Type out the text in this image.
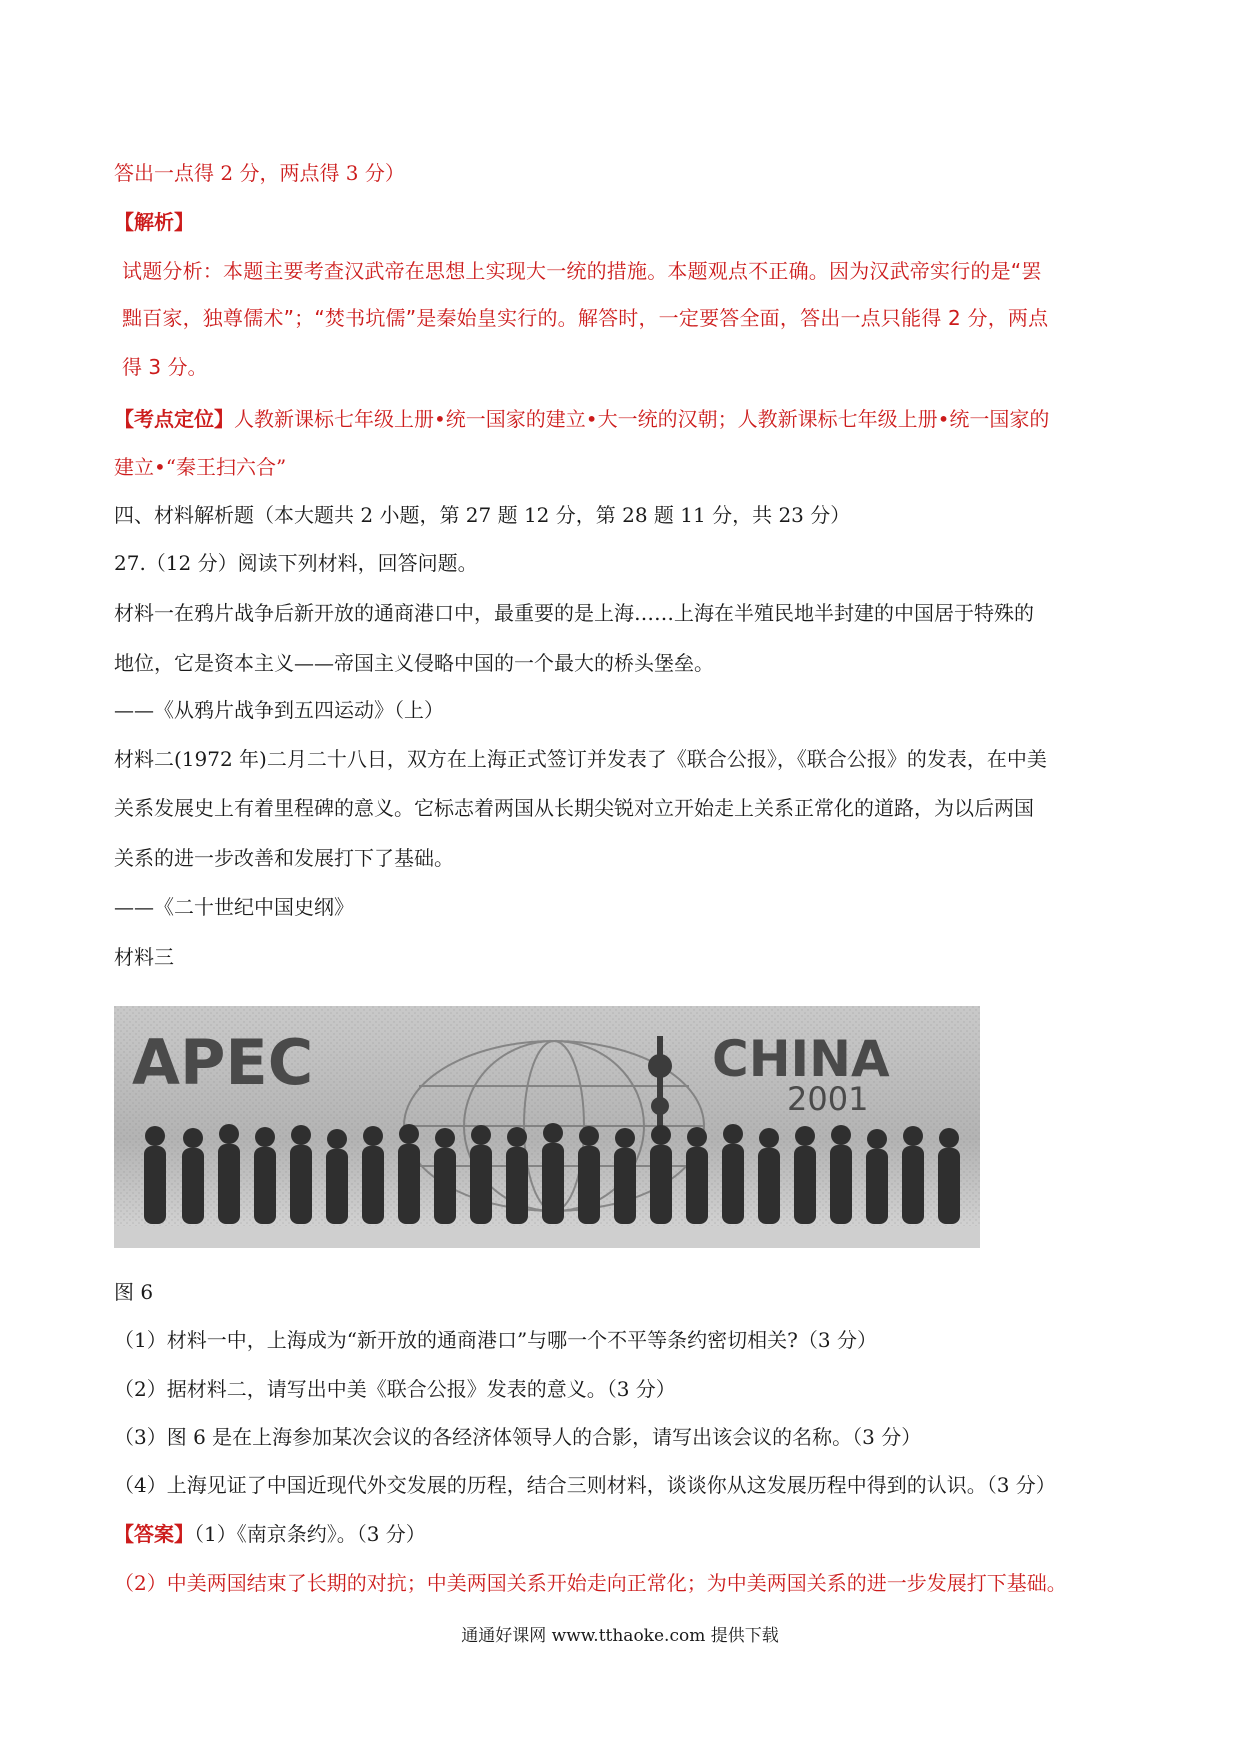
答出一点得 2 分，两点得 3 分）
【解析】
试题分析：本题主要考查汉武帝在思想上实现大一统的措施。本题观点不正确。因为汉武帝实行的是“罢
黜百家，独尊儒术”；“焚书坑儒”是秦始皇实行的。解答时，一定要答全面，答出一点只能得 2 分，两点
得 3 分。
【考点定位】人教新课标七年级上册•统一国家的建立•大一统的汉朝；人教新课标七年级上册•统一国家的
建立•“秦王扫六合”
四、材料解析题（本大题共 2 小题，第 27 题 12 分，第 28 题 11 分，共 23 分）
27.（12 分）阅读下列材料，回答问题。
材料一在鸦片战争后新开放的通商港口中，最重要的是上海……上海在半殖民地半封建的中国居于特殊的
地位，它是资本主义——帝国主义侵略中国的一个最大的桥头堡垒。
——《从鸦片战争到五四运动》（上）
材料二(1972 年)二月二十八日，双方在上海正式签订并发表了《联合公报》，《联合公报》的发表，在中美
关系发展史上有着里程碑的意义。它标志着两国从长期尖锐对立开始走上关系正常化的道路，为以后两国
关系的进一步改善和发展打下了基础。
——《二十世纪中国史纲》
材料三
APEC	CHINA
2001
图 6
（1）材料一中，上海成为“新开放的通商港口”与哪一个不平等条约密切相关?（3 分）
（2）据材料二，请写出中美《联合公报》发表的意义。（3 分）
（3）图 6 是在上海参加某次会议的各经济体领导人的合影，请写出该会议的名称。（3 分）
（4）上海见证了中国近现代外交发展的历程，结合三则材料，谈谈你从这发展历程中得到的认识。（3 分）
【答案】（1）《南京条约》。（3 分）
（2）中美两国结束了长期的对抗；中美两国关系开始走向正常化；为中美两国关系的进一步发展打下基础。
通通好课网 www.tthaoke.com 提供下载
